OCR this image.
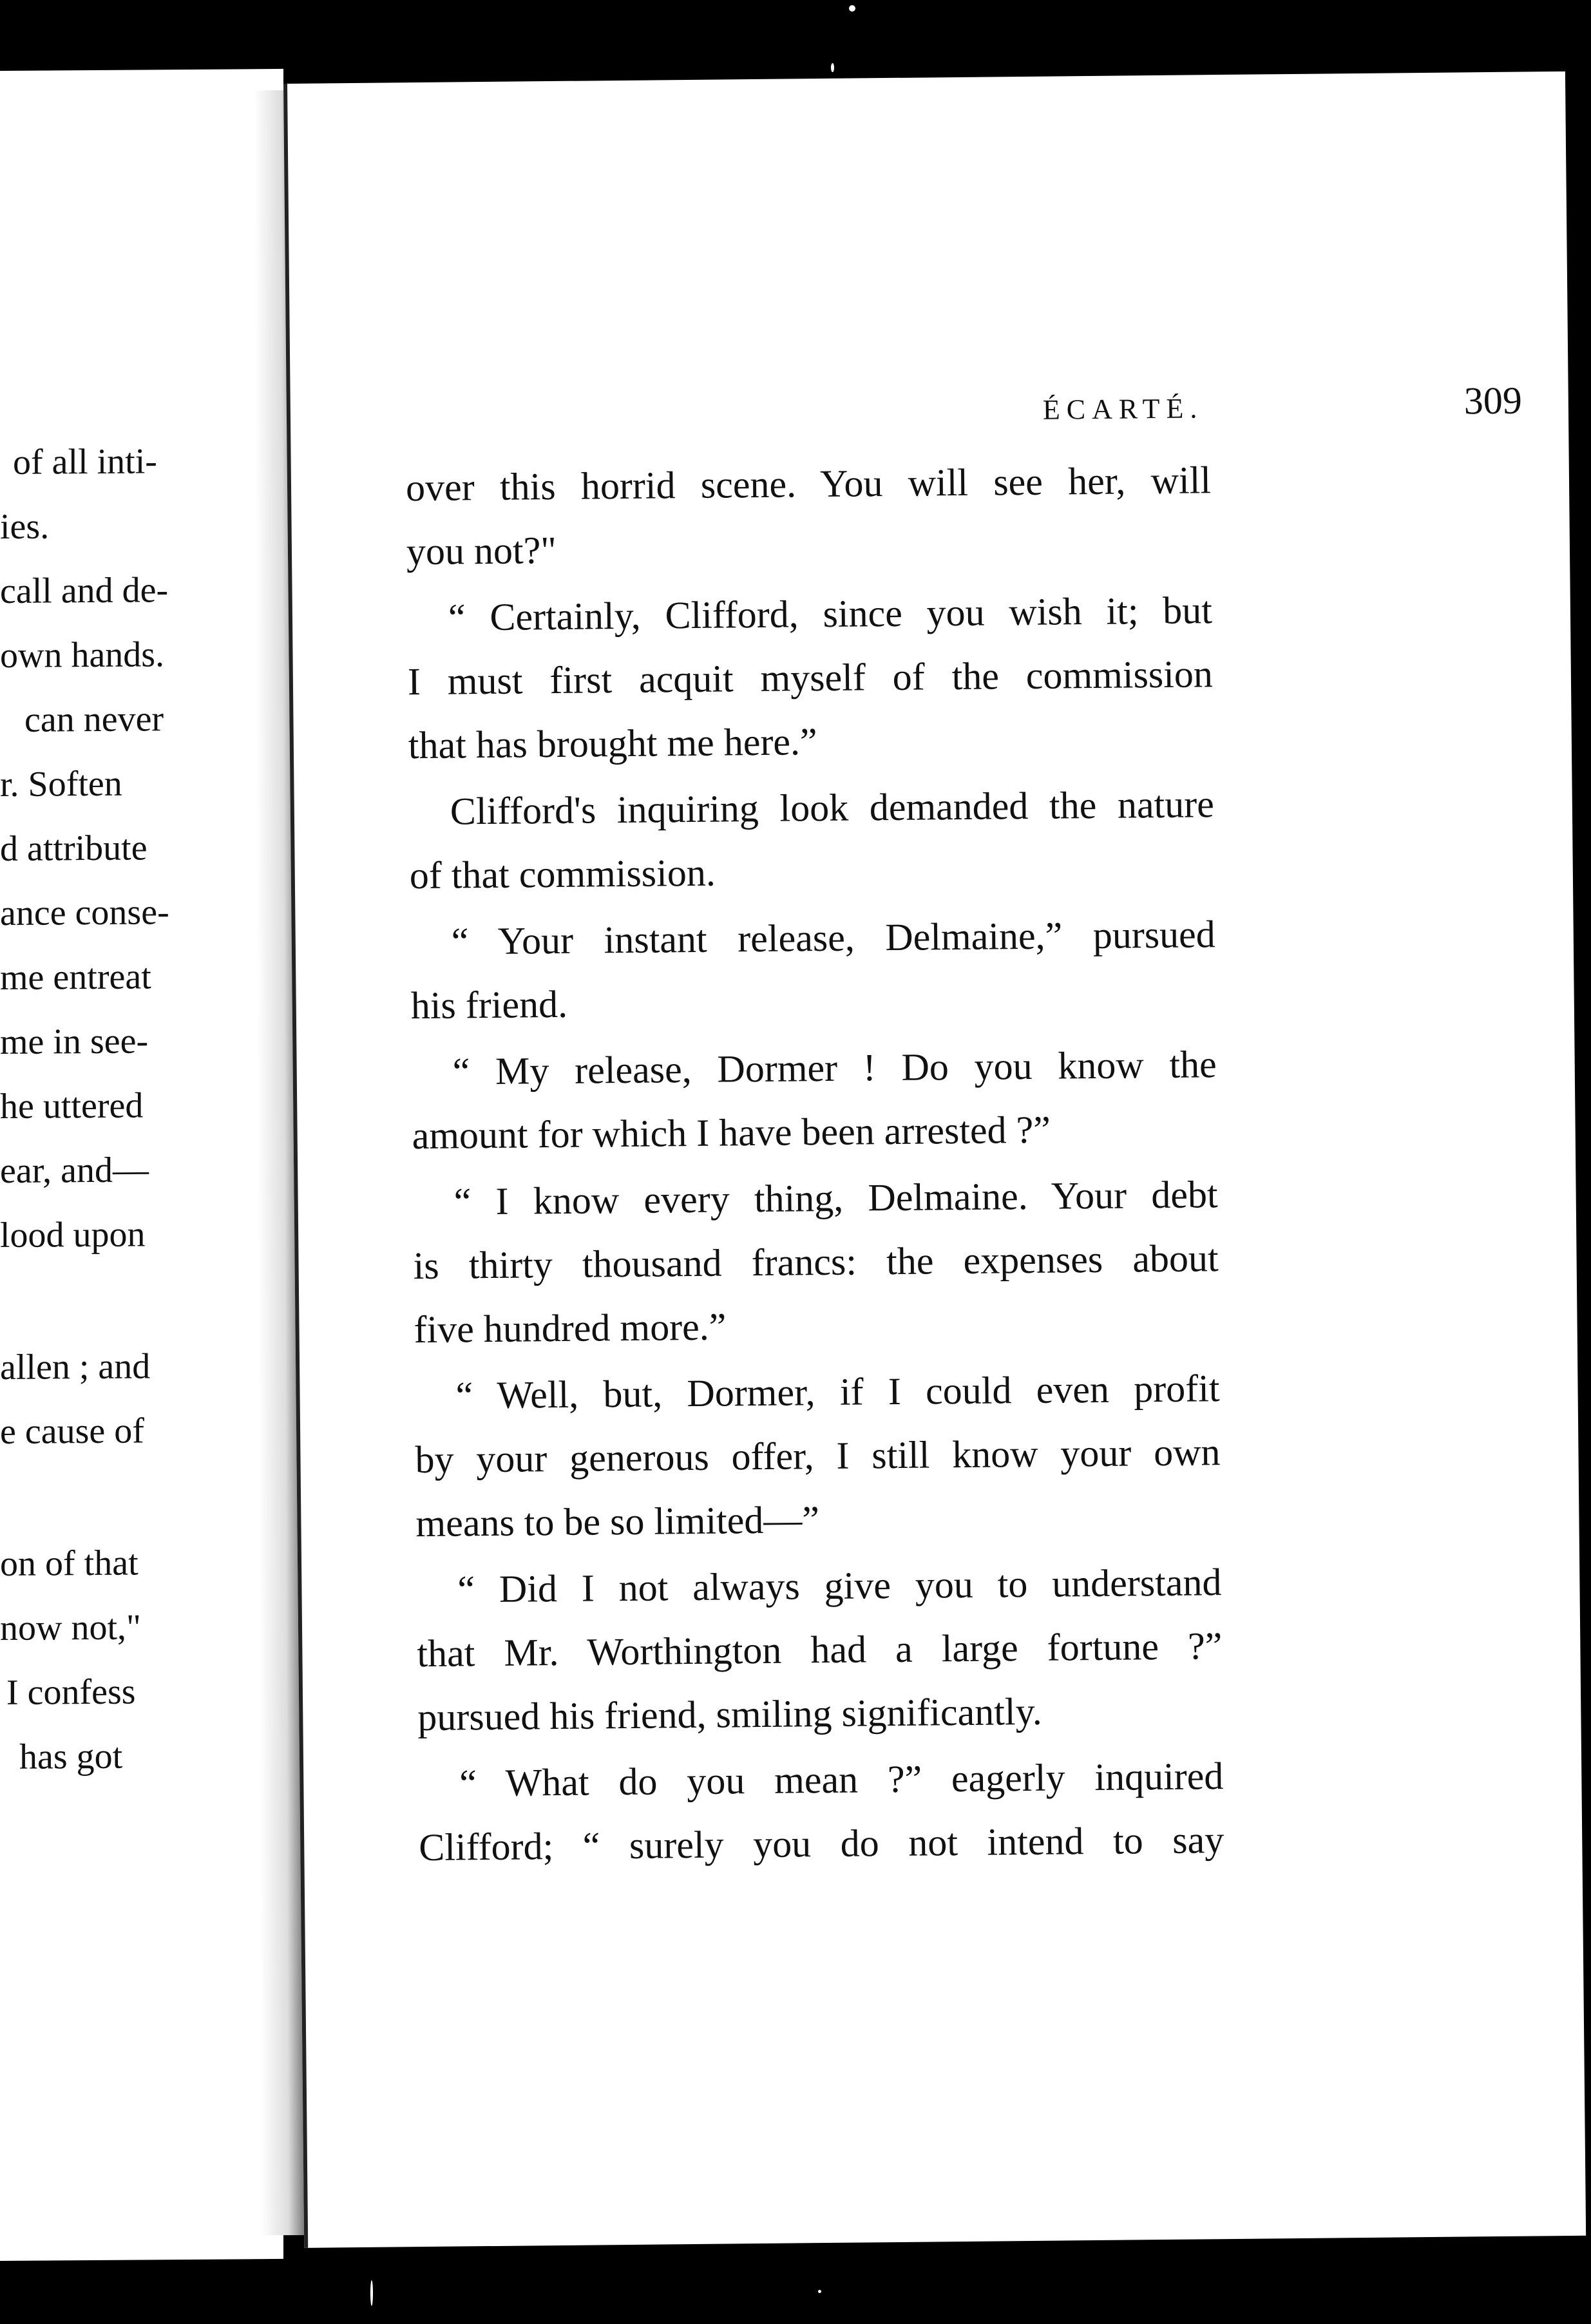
of all inti-
ies.
call and de-
own hands.
can never
r. Soften
d attribute
ance conse-
me entreat
me in see-
he uttered
ear, and—
lood upon
allen ; and
e cause of
on of that
now not,"
I confess
has got
ÉCARTÉ.	309
over this horrid scene. You will see her, will
you not?"
“ Certainly, Clifford, since you wish it; but
I must first acquit myself of the commission
that has brought me here.”
Clifford's inquiring look demanded the nature
of that commission.
“ Your instant release, Delmaine,” pursued
his friend.
“ My release, Dormer ! Do you know the
amount for which I have been arrested ?”
“ I know every thing, Delmaine. Your debt
is thirty thousand francs: the expenses about
five hundred more.”
“ Well, but, Dormer, if I could even profit
by your generous offer, I still know your own
means to be so limited—”
“ Did I not always give you to understand
that Mr. Worthington had a large fortune ?”
pursued his friend, smiling significantly.
“ What do you mean ?” eagerly inquired
Clifford; “ surely you do not intend to say
